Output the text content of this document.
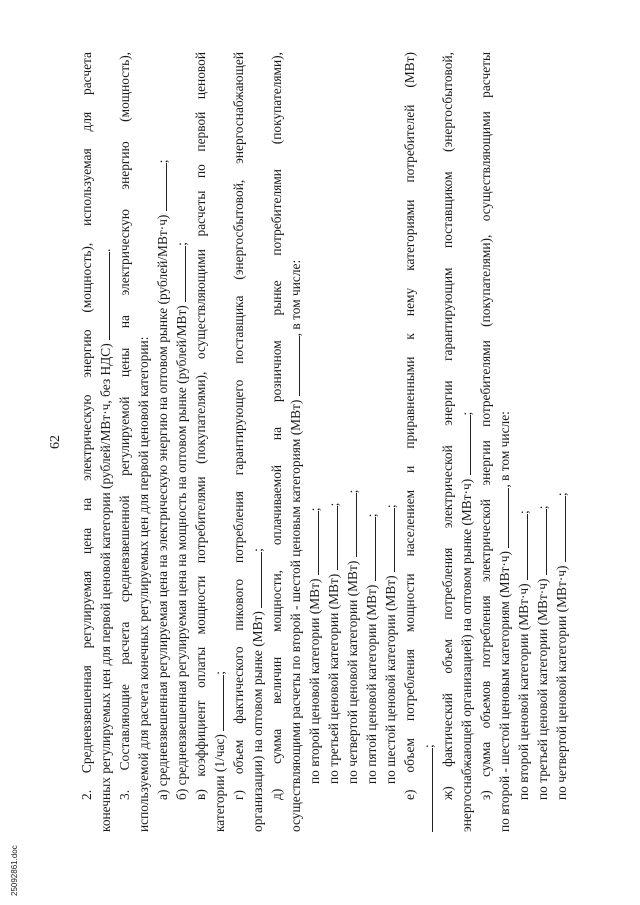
62 2. Средневзвешенная регулируемая цена на электрическую энергию (мощность), используемая для расчета конечных регулируемых цен для первой ценовой категории (рублей/МВт·ч, без НДС) . 3. Составляющие расчета средневзвешенной регулируемой цены на электрическую энергию (мощность), используемой для расчета конечных регулируемых цен для первой ценовой категории: а) средневзвешенная регулируемая цена на электрическую энергию на оптовом рынке (рублей/МВт·ч) ;
б) средневзвешенная регулируемая цена на мощность на оптовом рынке (рублей/МВт) ; в) коэффициент оплаты мощности потребителями (покупателями), осуществляющими расчеты по первой ценовой категории (1/час) ; г) объем фактического пикового потребления гарантирующего поставщика (энергосбытовой, энергоснабжающей организации) на оптовом рынке (МВт) ; д) сумма величин мощности, оплачиваемой на розничном рынке потребителями (покупателями), осуществляющими расчеты по второй - шестой ценовым категориям (МВт) , в том числе:
по второй ценовой категории (МВт) ;
по третьей ценовой категории (МВт) ;
по четвертой ценовой категории (МВт) ;
по пятой ценовой категории (МВт) ;
по шестой ценовой категории (МВт) ; е) объем потребления мощности населением и приравненными к нему категориями потребителей (МВт) ; ж) фактический объем потребления электрической энергии гарантирующим поставщиком (энергосбытовой, энергоснабжающей организацией) на оптовом рынке (МВт·ч) ; з) сумма объемов потребления электрической энергии потребителями (покупателями), осуществляющими расчеты по второй - шестой ценовым категориям (МВт·ч) , в том числе:
по второй ценовой категории (МВт·ч) ;
по третьей ценовой категории (МВт·ч) ;
по четвертой ценовой категории (МВт·ч) ;
25092861.doc
